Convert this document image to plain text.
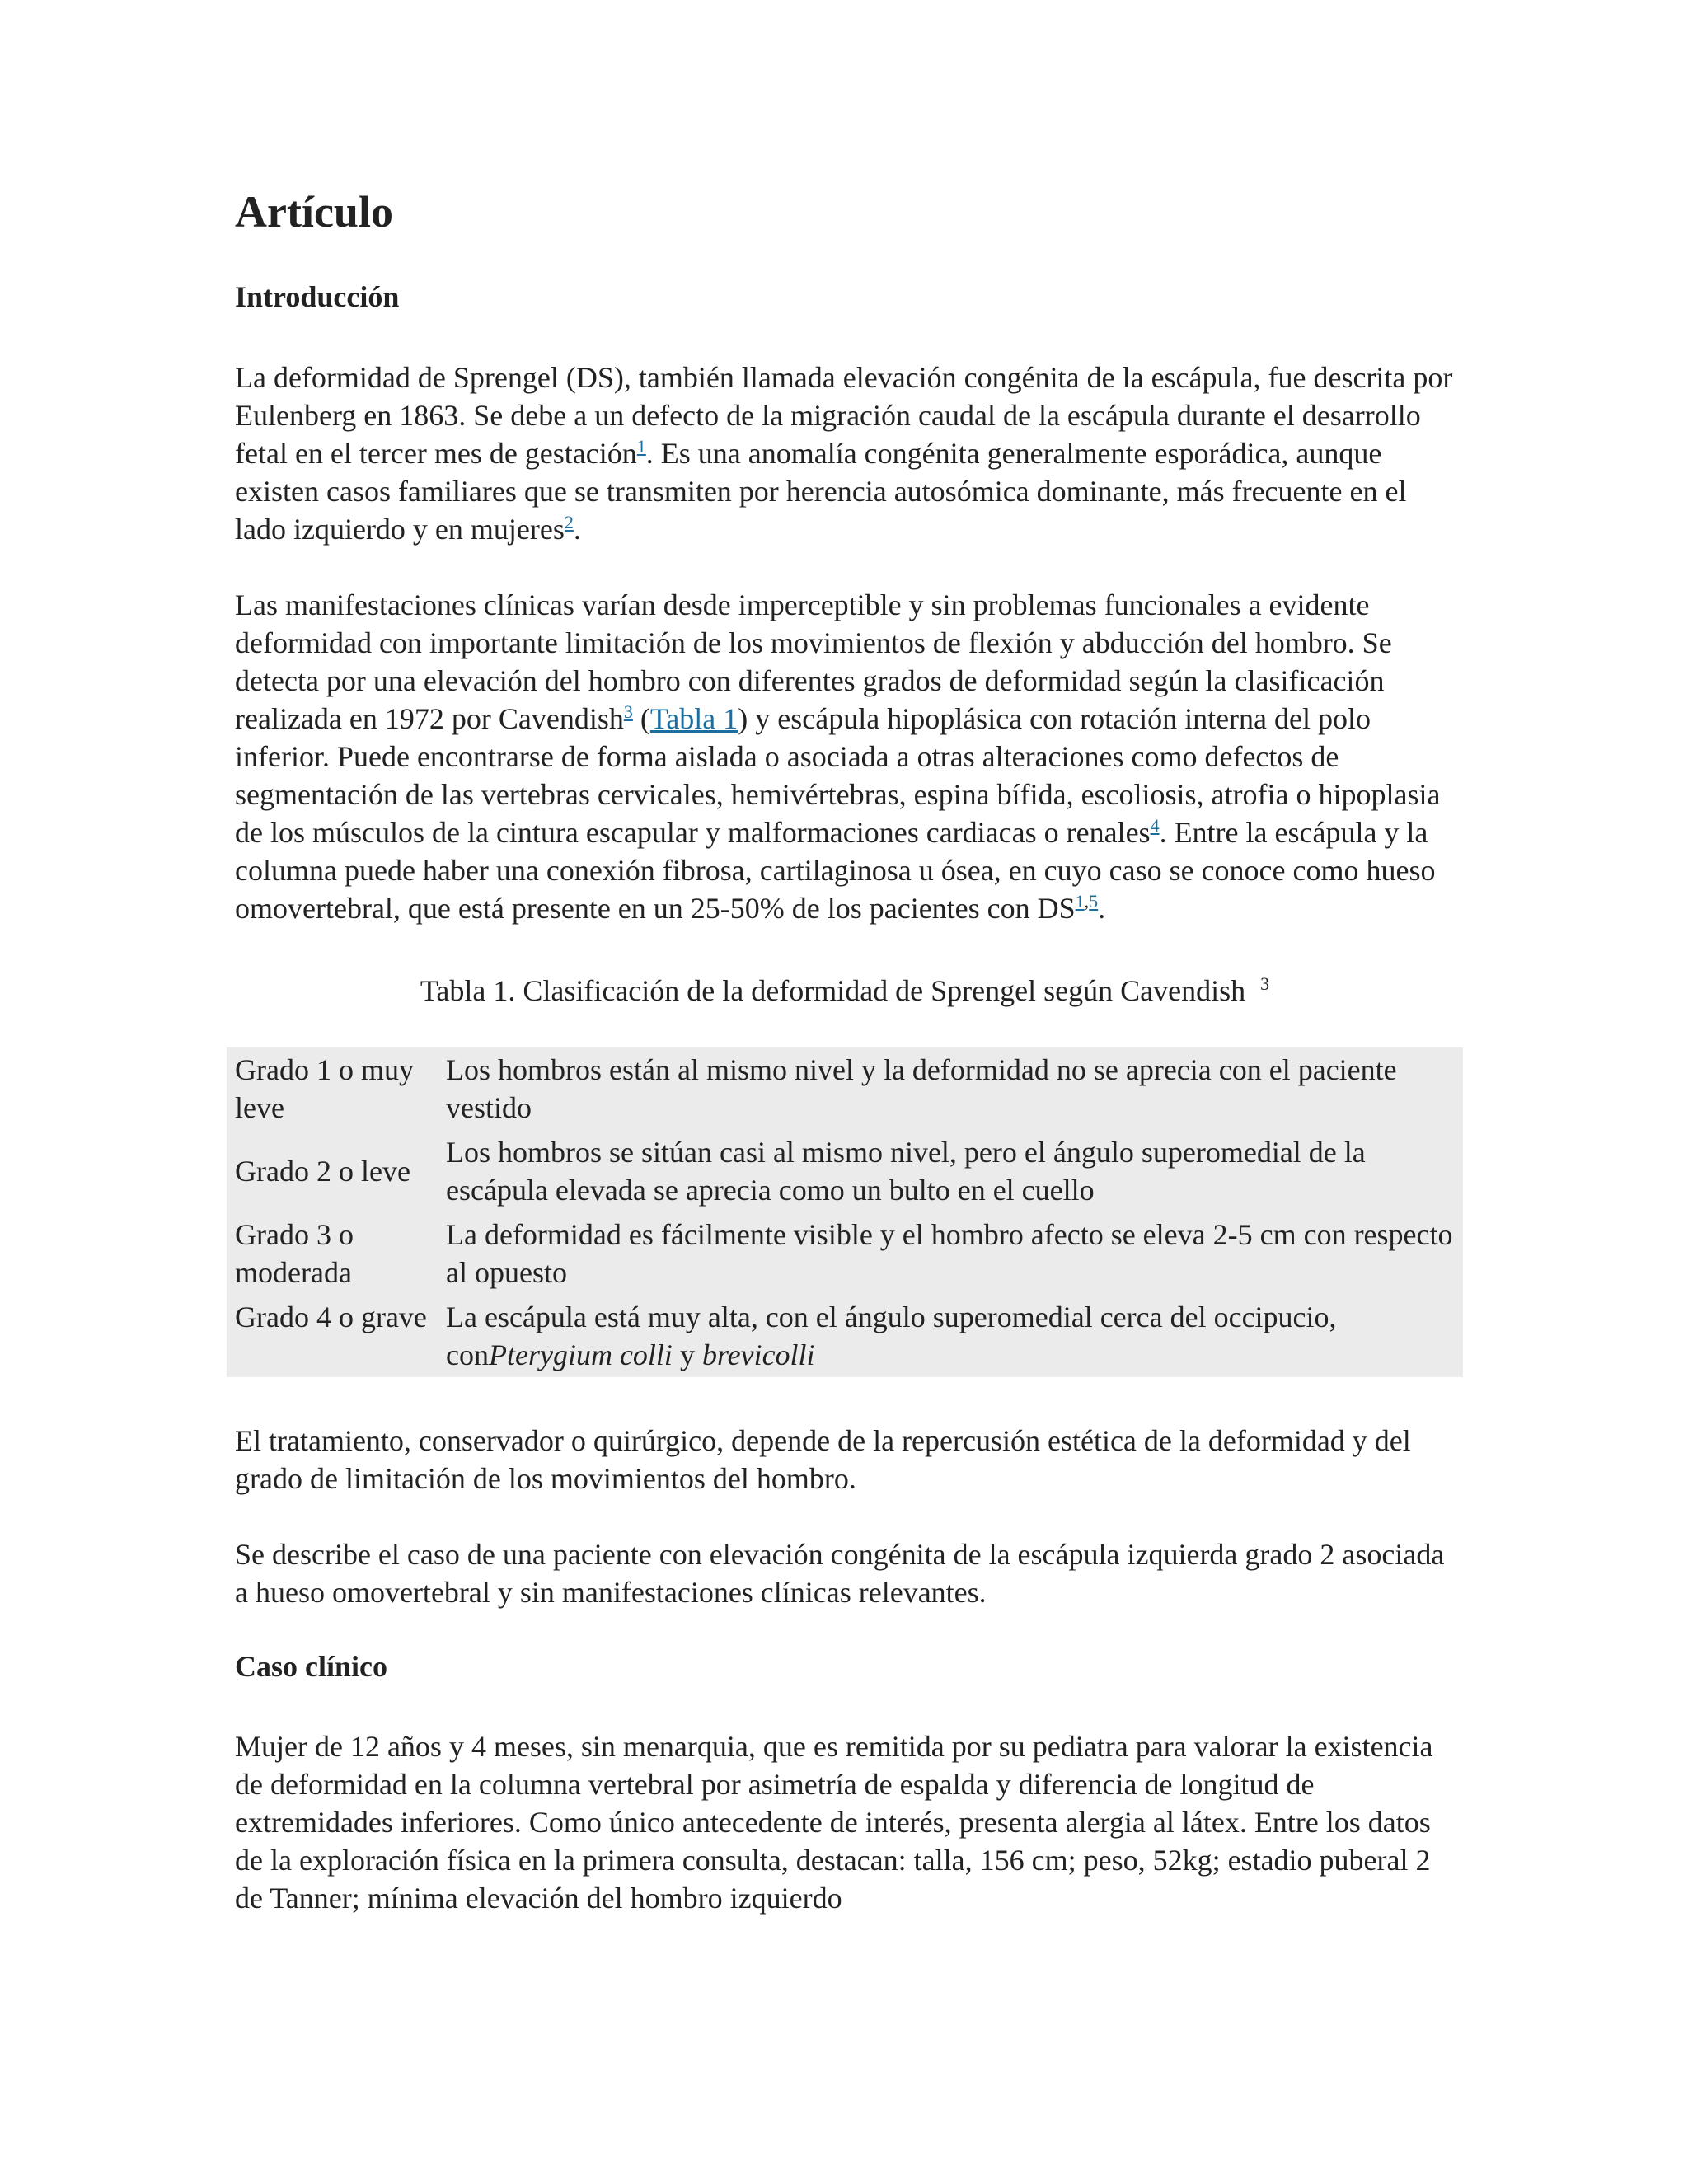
Artículo
Introducción

La deformidad de Sprengel (DS), también llamada elevación congénita de la escápula, fue descrita por Eulenberg en 1863. Se debe a un defecto de la migración caudal de la escápula durante el desarrollo fetal en el tercer mes de gestación$^1$. Es una anomalía congénita generalmente esporádica, aunque existen casos familiares que se transmiten por herencia autosómica dominante, más frecuente en el lado izquierdo y en mujeres$^2$.

Las manifestaciones clínicas varían desde imperceptible y sin problemas funcionales a evidente deformidad con importante limitación de los movimientos de flexión y abducción del hombro. Se detecta por una elevación del hombro con diferentes grados de deformidad según la clasificación realizada en 1972 por Cavendish$^3$ (Tabla 1) y escápula hipoplásica con rotación interna del polo inferior. Puede encontrarse de forma aislada o asociada a otras alteraciones como defectos de segmentación de las vertebras cervicales, hemivértebras, espina bífida, escoliosis, atrofia o hipoplasia de los músculos de la cintura escapular y malformaciones cardiacas o renales$^4$. Entre la escápula y la columna puede haber una conexión fibrosa, cartilaginosa u ósea, en cuyo caso se conoce como hueso omovertebral, que está presente en un 25-50% de los pacientes con DS$^{1,5}$.

Tabla 1. Clasificación de la deformidad de Sprengel según Cavendish $^3$
Grado 1 o muy leve	Los hombros están al mismo nivel y la deformidad no se aprecia con el paciente vestido
Grado 2 o leve	Los hombros se sitúan casi al mismo nivel, pero el ángulo superomedial de la escápula elevada se aprecia como un bulto en el cuello
Grado 3 o moderada	La deformidad es fácilmente visible y el hombro afecto se eleva 2-5 cm con respecto al opuesto
Grado 4 o grave	La escápula está muy alta, con el ángulo superomedial cerca del occipucio, conPterygium colli y brevicolli

El tratamiento, conservador o quirúrgico, depende de la repercusión estética de la deformidad y del grado de limitación de los movimientos del hombro.

Se describe el caso de una paciente con elevación congénita de la escápula izquierda grado 2 asociada a hueso omovertebral y sin manifestaciones clínicas relevantes.

Caso clínico

Mujer de 12 años y 4 meses, sin menarquia, que es remitida por su pediatra para valorar la existencia de deformidad en la columna vertebral por asimetría de espalda y diferencia de longitud de extremidades inferiores. Como único antecedente de interés, presenta alergia al látex. Entre los datos de la exploración física en la primera consulta, destacan: talla, 156 cm; peso, 52kg; estadio puberal 2 de Tanner; mínima elevación del hombro izquierdo
